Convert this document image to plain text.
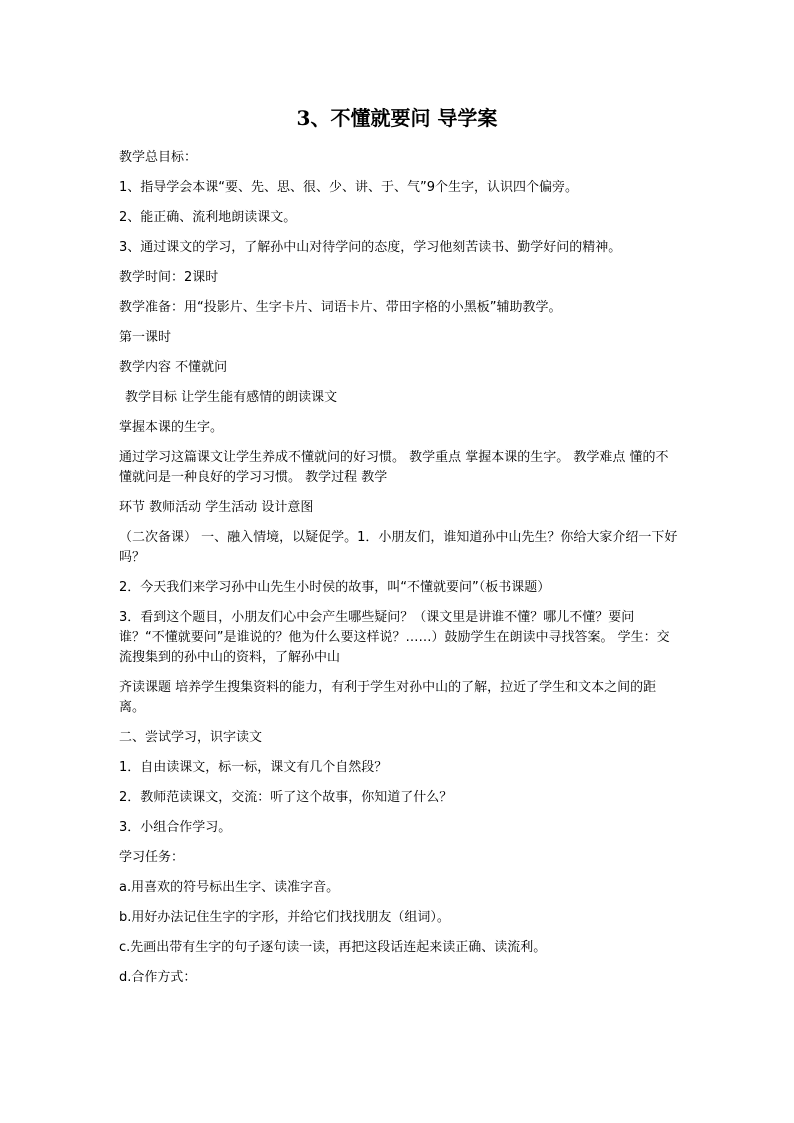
3、不懂就要问 导学案

教学总目标：

1、指导学会本课“要、先、思、很、少、讲、于、气”9个生字，认识四个偏旁。

2、能正确、流利地朗读课文。

3、通过课文的学习，了解孙中山对待学问的态度，学习他刻苦读书、勤学好问的精神。

教学时间：2课时

教学准备：用“投影片、生字卡片、词语卡片、带田字格的小黑板”辅助教学。

第一课时

教学内容 不懂就问

教学目标 让学生能有感情的朗读课文

掌握本课的生字。

通过学习这篇课文让学生养成不懂就问的好习惯。 教学重点 掌握本课的生字。 教学难点 懂的不懂就问是一种良好的学习习惯。 教学过程 教学

环节 教师活动 学生活动 设计意图

（二次备课） 一、融入情境，以疑促学。1．小朋友们，谁知道孙中山先生？你给大家介绍一下好吗？

2．今天我们来学习孙中山先生小时侯的故事，叫“不懂就要问”（板书课题）

3．看到这个题目，小朋友们心中会产生哪些疑问？（课文里是讲谁不懂？哪儿不懂？要问谁？“不懂就要问”是谁说的？他为什么要这样说？……）鼓励学生在朗读中寻找答案。 学生：交流搜集到的孙中山的资料，了解孙中山

齐读课题 培养学生搜集资料的能力，有利于学生对孙中山的了解，拉近了学生和文本之间的距离。

二、尝试学习，识字读文

1．自由读课文，标一标，课文有几个自然段？

2．教师范读课文，交流：听了这个故事，你知道了什么？

3．小组合作学习。

学习任务：

a.用喜欢的符号标出生字、读准字音。

b.用好办法记住生字的字形，并给它们找找朋友（组词）。

c.先画出带有生字的句子逐句读一读，再把这段话连起来读正确、读流利。

d.合作方式：
